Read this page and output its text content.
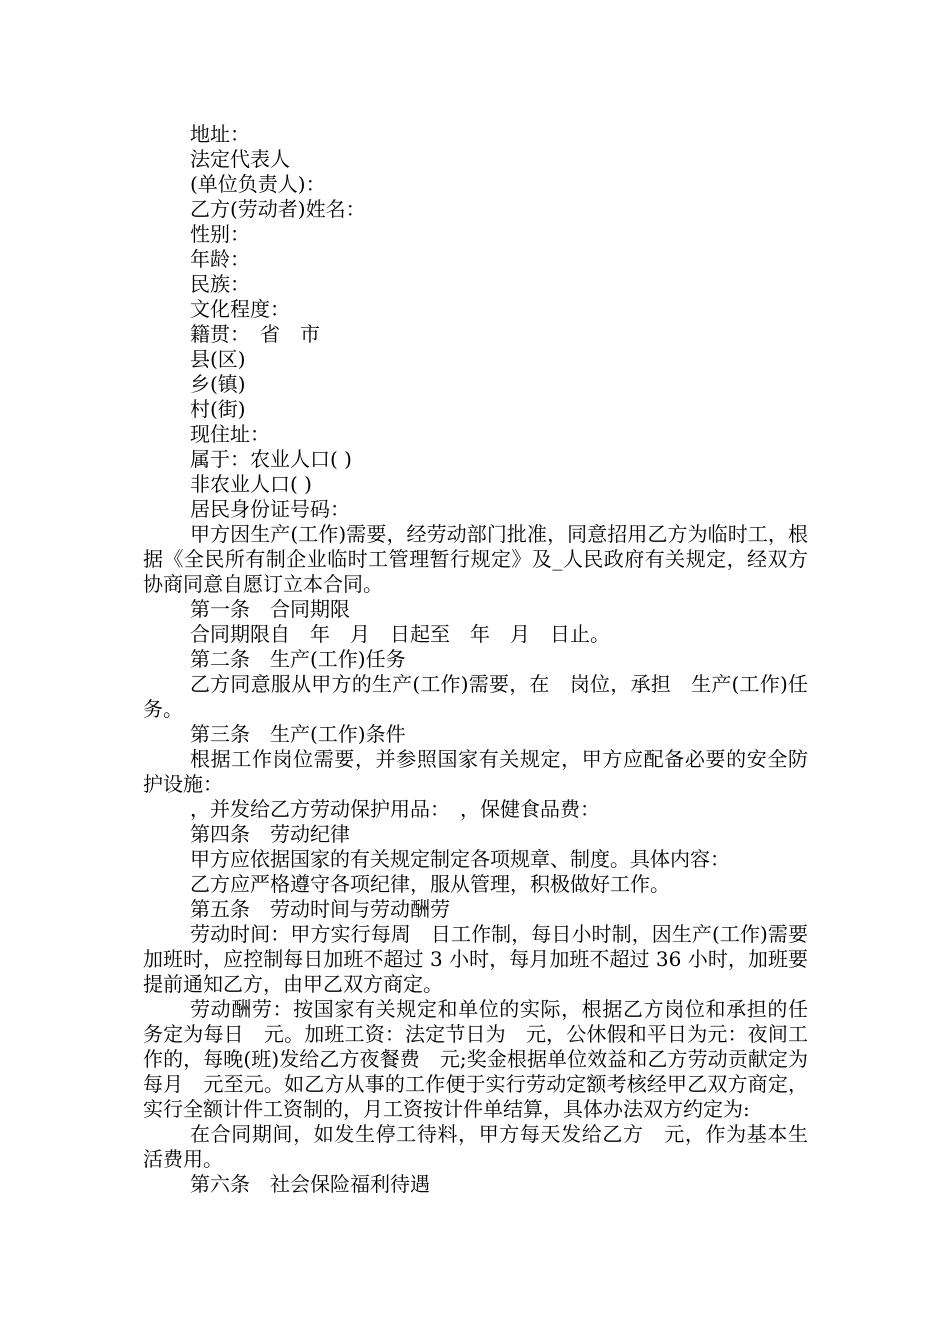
地址：
法定代表人
(单位负责人)：
乙方(劳动者)姓名：
性别：
年龄：
民族：
文化程度：
籍贯：　省　市
县(区)
乡(镇)
村(街)
现住址：
属于：农业人口( )
非农业人口( )
居民身份证号码：

甲方因生产(工作)需要，经劳动部门批准，同意招用乙方为临时工，根据《全民所有制企业临时工管理暂行规定》及_人民政府有关规定，经双方协商同意自愿订立本合同。

第一条　合同期限
合同期限自　年　月　日起至　年　月　日止。
第二条　生产(工作)任务

乙方同意服从甲方的生产(工作)需要，在　岗位，承担　生产(工作)任务。

第三条　生产(工作)条件

根据工作岗位需要，并参照国家有关规定，甲方应配备必要的安全防护设施：

，并发给乙方劳动保护用品：　，保健食品费：
第四条　劳动纪律
甲方应依据国家的有关规定制定各项规章、制度。具体内容：
乙方应严格遵守各项纪律，服从管理，积极做好工作。
第五条　劳动时间与劳动酬劳

劳动时间：甲方实行每周　日工作制，每日小时制，因生产(工作)需要加班时，应控制每日加班不超过 3 小时，每月加班不超过 36 小时，加班要提前通知乙方，由甲乙双方商定。

劳动酬劳：按国家有关规定和单位的实际，根据乙方岗位和承担的任务定为每日　元。加班工资：法定节日为　元，公休假和平日为元：夜间工作的，每晚(班)发给乙方夜餐费　元;奖金根据单位效益和乙方劳动贡献定为每月　元至元。如乙方从事的工作便于实行劳动定额考核经甲乙双方商定，实行全额计件工资制的，月工资按计件单结算，具体办法双方约定为:

在合同期间，如发生停工待料，甲方每天发给乙方　元，作为基本生活费用。

第六条　社会保险福利待遇
